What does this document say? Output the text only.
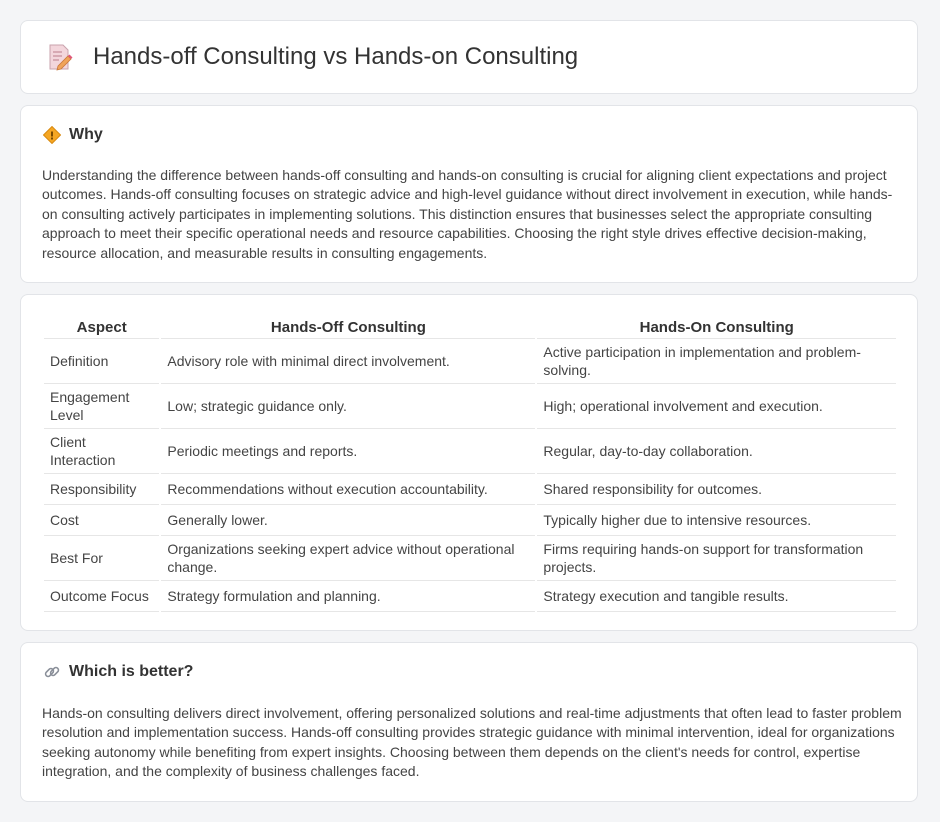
Hands-off Consulting vs Hands-on Consulting
Why

Understanding the difference between hands-off consulting and hands-on consulting is crucial for aligning client expectations and project outcomes. Hands-off consulting focuses on strategic advice and high-level guidance without direct involvement in execution, while hands-on consulting actively participates in implementing solutions. This distinction ensures that businesses select the appropriate consulting approach to meet their specific operational needs and resource capabilities. Choosing the right style drives effective decision-making, resource allocation, and measurable results in consulting engagements.

Aspect	Hands-Off Consulting	Hands-On Consulting
Definition	Advisory role with minimal direct involvement.	Active participation in implementation and problem-solving.
Engagement Level	Low; strategic guidance only.	High; operational involvement and execution.
Client Interaction	Periodic meetings and reports.	Regular, day-to-day collaboration.
Responsibility	Recommendations without execution accountability.	Shared responsibility for outcomes.
Cost	Generally lower.	Typically higher due to intensive resources.
Best For	Organizations seeking expert advice without operational change.	Firms requiring hands-on support for transformation projects.
Outcome Focus	Strategy formulation and planning.	Strategy execution and tangible results.
Which is better?

Hands-on consulting delivers direct involvement, offering personalized solutions and real-time adjustments that often lead to faster problem resolution and implementation success. Hands-off consulting provides strategic guidance with minimal intervention, ideal for organizations seeking autonomy while benefiting from expert insights. Choosing between them depends on the client's needs for control, expertise integration, and the complexity of business challenges faced.
